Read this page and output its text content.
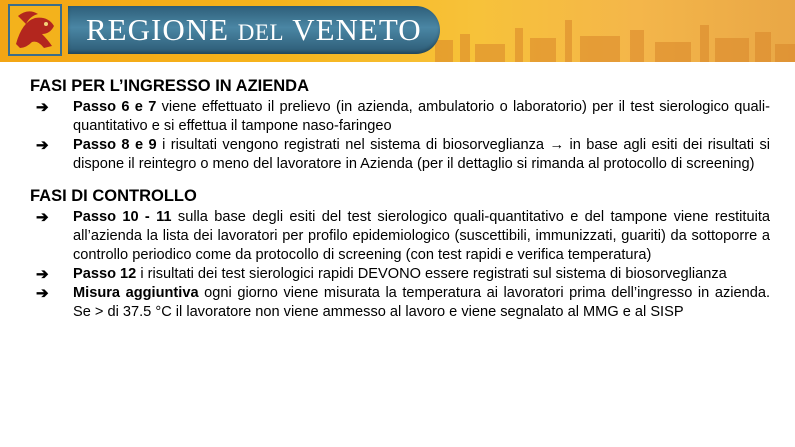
REGIONE DEL VENETO
FASI PER L’INGRESSO IN AZIENDA
➔ Passo 6 e 7 viene effettuato il prelievo (in azienda, ambulatorio o laboratorio) per il test sierologico quali-quantitativo e si effettua il tampone naso-faringeo
➔ Passo 8 e 9 i risultati vengono registrati nel sistema di biosorveglianza → in base agli esiti dei risultati si dispone il reintegro o meno del lavoratore in Azienda (per il dettaglio si rimanda al protocollo di screening)
FASI DI CONTROLLO
➔ Passo 10 - 11 sulla base degli esiti del test sierologico quali-quantitativo e del tampone viene restituita all’azienda la lista dei lavoratori per profilo epidemiologico (suscettibili, immunizzati, guariti) da sottoporre a controllo periodico come da protocollo di screening (con test rapidi e verifica temperatura)
➔ Passo 12 i risultati dei test sierologici rapidi DEVONO essere registrati sul sistema di biosorveglianza
➔ Misura aggiuntiva ogni giorno viene misurata la temperatura ai lavoratori prima dell’ingresso in azienda. Se > di 37.5 °C il lavoratore non viene ammesso al lavoro e viene segnalato al MMG e al SISP
